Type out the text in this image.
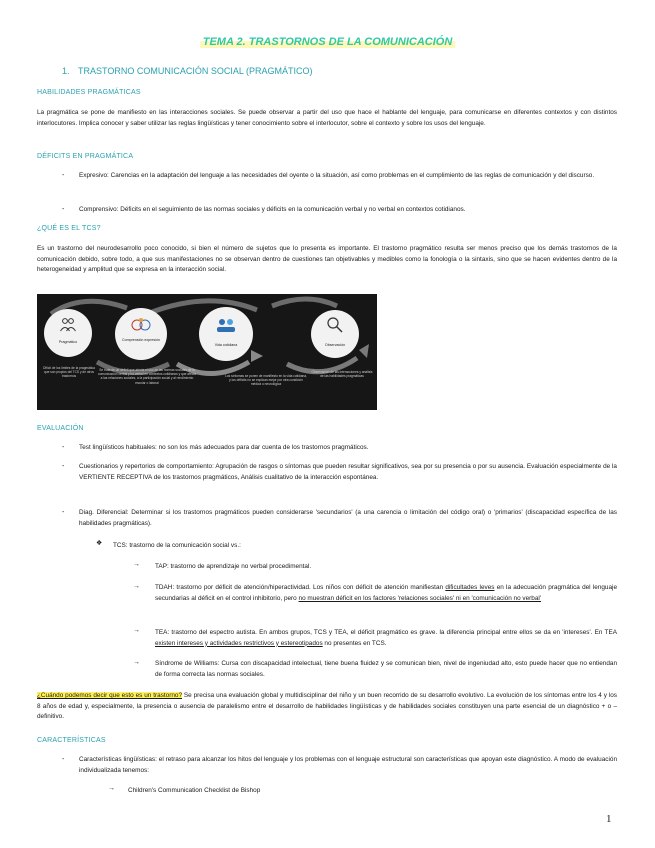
TEMA 2. TRASTORNOS DE LA COMUNICACIÓN
1. TRASTORNO COMUNICACIÓN SOCIAL (PRAGMÁTICO)
HABILIDADES PRAGMÁTICAS
La pragmática se pone de manifiesto en las interacciones sociales. Se puede observar a partir del uso que hace el hablante del lenguaje, para comunicarse en diferentes contextos y con distintos interlocutores. Implica conocer y saber utilizar las reglas lingüísticas y tener conocimiento sobre el interlocutor, sobre el contexto y sobre los usos del lenguaje.
DÉFICITS EN PRAGMÁTICA
-	Expresivo: Carencias en la adaptación del lenguaje a las necesidades del oyente o la situación, así como problemas en el cumplimiento de las reglas de comunicación y del discurso.
-	Comprensivo: Déficits en el seguimiento de las normas sociales y déficits en la comunicación verbal y no verbal en contextos cotidianos.
¿QUÉ ES EL TCS?
Es un trastorno del neurodesarrollo poco conocido, si bien el número de sujetos que lo presenta es importante. El trastorno pragmático resulta ser menos preciso que los demás trastornos de la comunicación debido, sobre todo, a que sus manifestaciones no se observan dentro de cuestiones tan objetivables y medibles como la fonología o la sintaxis, sino que se hacen evidentes dentro de la heterogeneidad y amplitud que se expresa en la interacción social.
Pragmático	Comprensión expresión
Vida cotidiana	Observación
Difícil de los límites de la pragmática que son propios del TCS y de otros trastornos
Se trata de un déficit que afecta el uso de las normas sociales de la comunicación verbal y no verbal en contextos cotidianos y que afecta a las relaciones sociales, a la participación social y al rendimiento escolar o laboral
Los síntomas se ponen de manifiesto en la vida cotidiana, y los déficits no se explican mejor por otra condición médica o neurológica
Observación de las interacciones y análisis de las habilidades pragmáticas
EVALUACIÓN
-	Test lingüísticos habituales: no son los más adecuados para dar cuenta de los trastornos pragmáticos.
-	Cuestionarios y repertorios de comportamiento: Agrupación de rasgos o síntomas que pueden resultar significativos, sea por su presencia o por su ausencia. Evaluación especialmente de la VERTIENTE RECEPTIVA de los trastornos pragmáticos, Análisis cualitativo de la interacción espontánea.
-	Diag. Diferencial: Determinar si los trastornos pragmáticos pueden considerarse 'secundarios' (a una carencia o limitación del código oral) o 'primarios' (discapacidad específica de las habilidades pragmáticas).
❖ TCS: trastorno de la comunicación social vs.:
→ TAP: trastorno de aprendizaje no verbal procedimental.
→ TDAH: trastorno por déficit de atención/hiperactividad. Los niños con déficit de atención manifiestan dificultades leves en la adecuación pragmática del lenguaje secundarias al déficit en el control inhibitorio, pero no muestran déficit en los factores 'relaciones sociales' ni en 'comunicación no verbal'
→ TEA: trastorno del espectro autista. En ambos grupos, TCS y TEA, el déficit pragmático es grave. la diferencia principal entre ellos se da en 'intereses'. En TEA existen intereses y actividades restrictivos y estereotipados no presentes en TCS.
→ Síndrome de Williams: Cursa con discapacidad intelectual, tiene buena fluidez y se comunican bien, nivel de ingeniudad alto, esto puede hacer que no entiendan de forma correcta las normas sociales.
¿Cuándo podemos decir que esto es un trastorno? Se precisa una evaluación global y multidisciplinar del niño y un buen recorrido de su desarrollo evolutivo. La evolución de los síntomas entre los 4 y los 8 años de edad y, especialmente, la presencia o ausencia de paralelismo entre el desarrollo de habilidades lingüísticas y de habilidades sociales constituyen una parte esencial de un diagnóstico + o – definitivo.
CARACTERÍSTICAS
-	Características lingüísticas: el retraso para alcanzar los hitos del lenguaje y los problemas con el lenguaje estructural son características que apoyan este diagnóstico. A modo de evaluación individualizada tenemos:
→ Children's Communication Checklist de Bishop
1
